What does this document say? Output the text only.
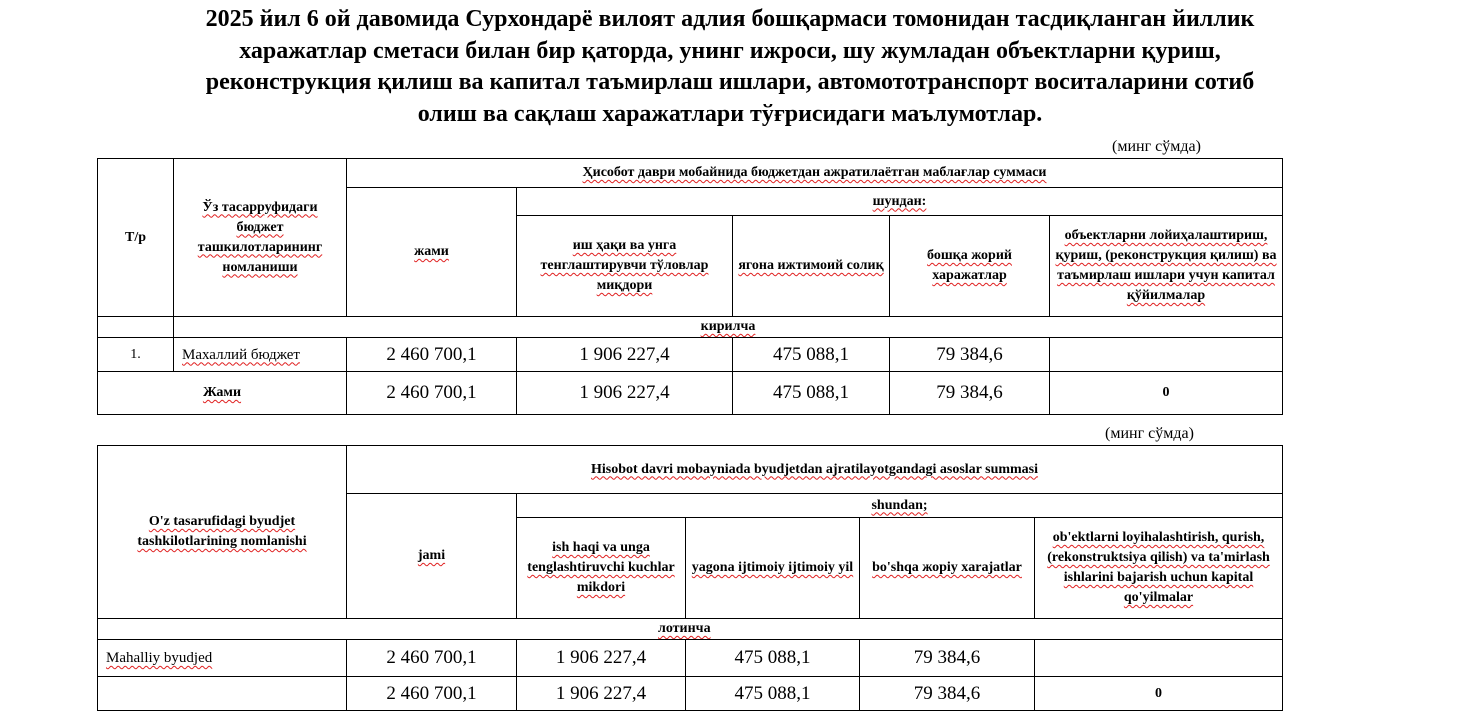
2025 йил 6 ой давомида Сурхондарё вилоят адлия бошқармаси томонидан тасдиқланган йиллик
харажатлар сметаси билан бир қаторда, унинг ижроси, шу жумладан объектларни қуриш,
реконструкция қилиш ва капитал таъмирлаш ишлари, автомототранспорт воситаларини сотиб
олиш ва сақлаш харажатлари тўғрисидаги маълумотлар.
(минг сўмда)
Т/р	Ўз тасарруфидаги бюджет ташкилотларининг номланиши	Ҳисобот даври мобайнида бюджетдан ажратилаётган маблағлар суммаси				
		жами	шундан:			
			иш ҳақи ва унга тенглаштирувчи тўловлар миқдори	ягона ижтимоий солиқ	бошқа жорий харажатлар	объектларни лойиҳалаштириш, қуриш, (реконструкция қилиш) ва таъмирлаш ишлари учун капитал қўйилмалар
	кирилча					
1.	Махаллий бюджет	2 460 700,1	1 906 227,4	475 088,1	79 384,6	
Жами		2 460 700,1	1 906 227,4	475 088,1	79 384,6	0
(минг сўмда)
O'z tasarufidagi byudjet tashkilotlarining nomlanishi	Hisobot davri mobayniada byudjetdan ajratilayotgandagi asoslar summasi				
	jami	shundan;			
		ish haqi va unga tenglashtiruvchi kuchlar mikdori	yagona ijtimoiy ijtimoiy yil	bo'shqa жорiy xarajatlar	ob'ektlarni loyihalashtirish, qurish, (rekonstruktsiya qilish) va ta'mirlash ishlarini bajarish uchun kapital qo'yilmalar
лотинча					
Mahalliy byudjed	2 460 700,1	1 906 227,4	475 088,1	79 384,6	
	2 460 700,1	1 906 227,4	475 088,1	79 384,6	0
